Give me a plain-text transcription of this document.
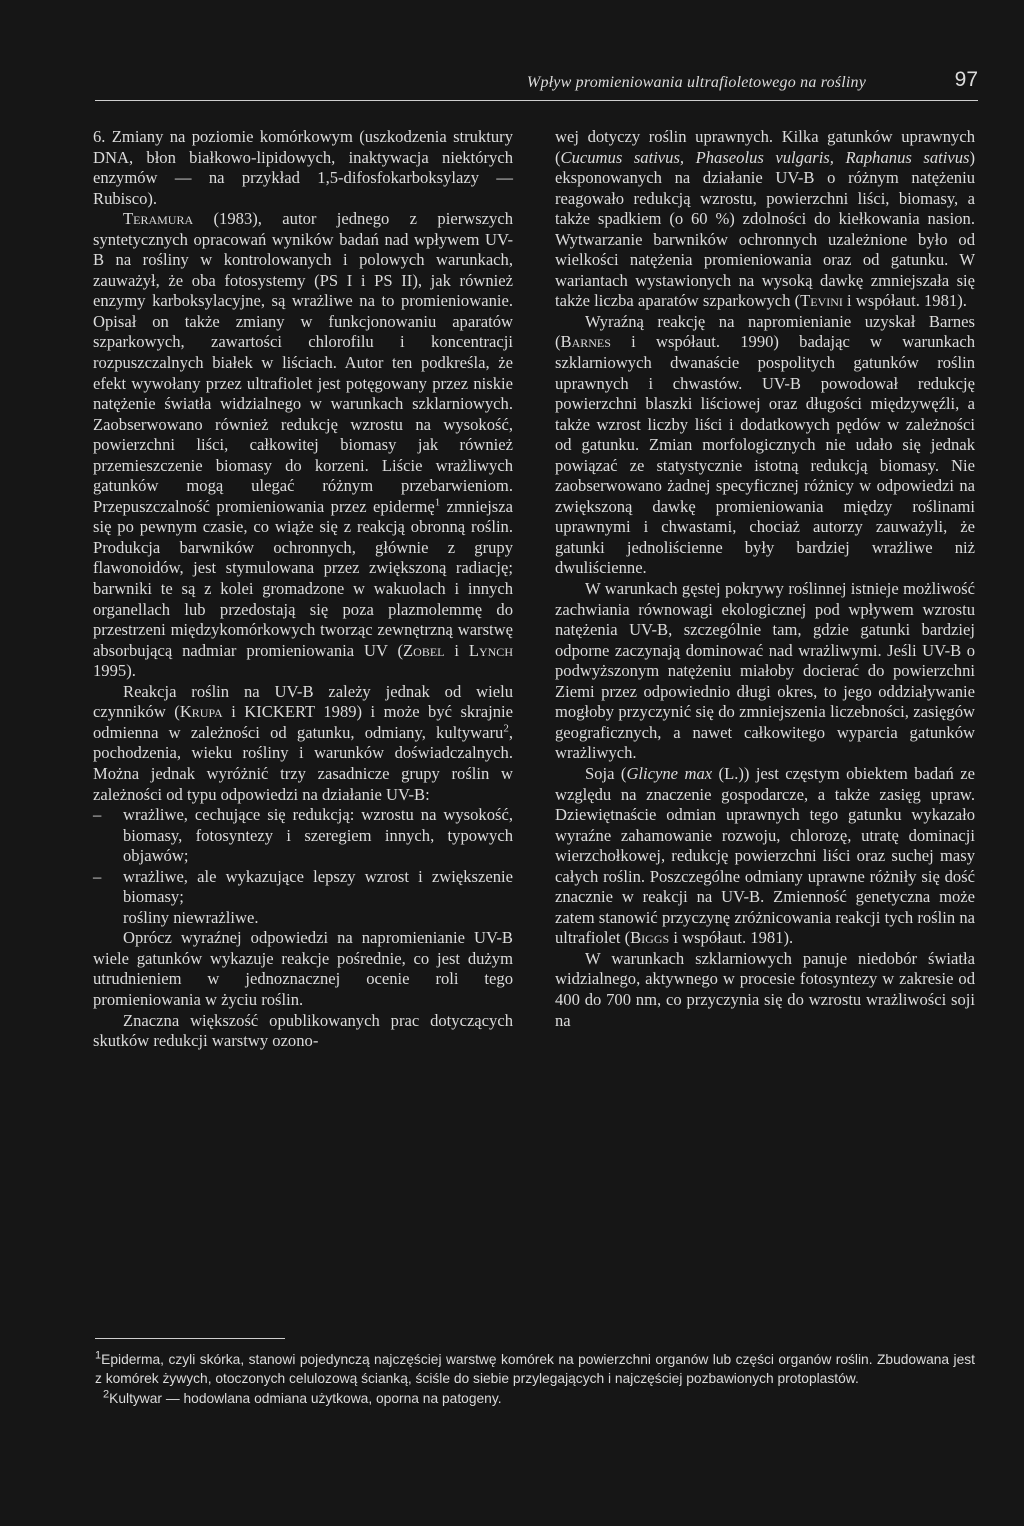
Wpływ promieniowania ultrafioletowego na rośliny	97

6. Zmiany na poziomie komórkowym (uszkodzenia struktury DNA, błon białkowo-lipidowych, inaktywacja niektórych enzymów — na przykład 1,5-difosfokarboksylazy — Rubisco).

Teramura (1983), autor jednego z pierwszych syntetycznych opracowań wyników badań nad wpływem UV-B na rośliny w kontrolowanych i polowych warunkach, zauważył, że oba fotosystemy (PS I i PS II), jak również enzymy karboksylacyjne, są wrażliwe na to promieniowanie. Opisał on także zmiany w funkcjonowaniu aparatów szparkowych, zawartości chlorofilu i koncentracji rozpuszczalnych białek w liściach. Autor ten podkreśla, że efekt wywołany przez ultrafiolet jest potęgowany przez niskie natężenie światła widzialnego w warunkach szklarniowych. Zaobserwowano również redukcję wzrostu na wysokość, powierzchni liści, całkowitej biomasy jak również przemieszczenie biomasy do korzeni. Liście wrażliwych gatunków mogą ulegać różnym przebarwieniom. Przepuszczalność promieniowania przez epidermę$^1$ zmniejsza się po pewnym czasie, co wiąże się z reakcją obronną roślin. Produkcja barwników ochronnych, głównie z grupy flawonoidów, jest stymulowana przez zwiększoną radiację; barwniki te są z kolei gromadzone w wakuolach i innych organellach lub przedostają się poza plazmolemmę do przestrzeni międzykomórkowych tworząc zewnętrzną warstwę absorbującą nadmiar promieniowania UV (Zobel i Lynch 1995).

Reakcja roślin na UV-B zależy jednak od wielu czynników (Krupa i KICKERT 1989) i może być skrajnie odmienna w zależności od gatunku, odmiany, kultywaru$^2$, pochodzenia, wieku rośliny i warunków doświadczalnych. Można jednak wyróżnić trzy zasadnicze grupy roślin w zależności od typu odpowiedzi na działanie UV-B:

– wrażliwe, cechujące się redukcją: wzrostu na wysokość, biomasy, fotosyntezy i szeregiem innych, typowych objawów;
– wrażliwe, ale wykazujące lepszy wzrost i zwiększenie biomasy;
rośliny niewrażliwe.

Oprócz wyraźnej odpowiedzi na napromienianie UV-B wiele gatunków wykazuje reakcje pośrednie, co jest dużym utrudnieniem w jednoznacznej ocenie roli tego promieniowania w życiu roślin.

Znaczna większość opublikowanych prac dotyczących skutków redukcji warstwy ozono-

wej dotyczy roślin uprawnych. Kilka gatunków uprawnych (Cucumus sativus, Phaseolus vulgaris, Raphanus sativus) eksponowanych na działanie UV-B o różnym natężeniu reagowało redukcją wzrostu, powierzchni liści, biomasy, a także spadkiem (o 60 %) zdolności do kiełkowania nasion. Wytwarzanie barwników ochronnych uzależnione było od wielkości natężenia promieniowania oraz od gatunku. W wariantach wystawionych na wysoką dawkę zmniejszała się także liczba aparatów szparkowych (Tevini i współaut. 1981).

Wyraźną reakcję na napromienianie uzyskał Barnes (Barnes i współaut. 1990) badając w warunkach szklarniowych dwanaście pospolitych gatunków roślin uprawnych i chwastów. UV-B powodował redukcję powierzchni blaszki liściowej oraz długości międzywęźli, a także wzrost liczby liści i dodatkowych pędów w zależności od gatunku. Zmian morfologicznych nie udało się jednak powiązać ze statystycznie istotną redukcją biomasy. Nie zaobserwowano żadnej specyficznej różnicy w odpowiedzi na zwiększoną dawkę promieniowania między roślinami uprawnymi i chwastami, chociaż autorzy zauważyli, że gatunki jednoliścienne były bardziej wrażliwe niż dwuliścienne.

W warunkach gęstej pokrywy roślinnej istnieje możliwość zachwiania równowagi ekologicznej pod wpływem wzrostu natężenia UV-B, szczególnie tam, gdzie gatunki bardziej odporne zaczynają dominować nad wrażliwymi. Jeśli UV-B o podwyższonym natężeniu miałoby docierać do powierzchni Ziemi przez odpowiednio długi okres, to jego oddziaływanie mogłoby przyczynić się do zmniejszenia liczebności, zasięgów geograficznych, a nawet całkowitego wyparcia gatunków wrażliwych.

Soja (Glicyne max (L.)) jest częstym obiektem badań ze względu na znaczenie gospodarcze, a także zasięg upraw. Dziewiętnaście odmian uprawnych tego gatunku wykazało wyraźne zahamowanie rozwoju, chlorozę, utratę dominacji wierzchołkowej, redukcję powierzchni liści oraz suchej masy całych roślin. Poszczególne odmiany uprawne różniły się dość znacznie w reakcji na UV-B. Zmienność genetyczna może zatem stanowić przyczynę zróżnicowania reakcji tych roślin na ultrafiolet (Biggs i współaut. 1981).

W warunkach szklarniowych panuje niedobór światła widzialnego, aktywnego w procesie fotosyntezy w zakresie od 400 do 700 nm, co przyczynia się do wzrostu wrażliwości soji na

$^1$Epiderma, czyli skórka, stanowi pojedynczą najczęściej warstwę komórek na powierzchni organów lub części organów roślin. Zbudowana jest z komórek żywych, otoczonych celulozową ścianką, ściśle do siebie przylegających i najczęściej pozbawionych protoplastów.

$^2$Kultywar — hodowlana odmiana użytkowa, oporna na patogeny.
